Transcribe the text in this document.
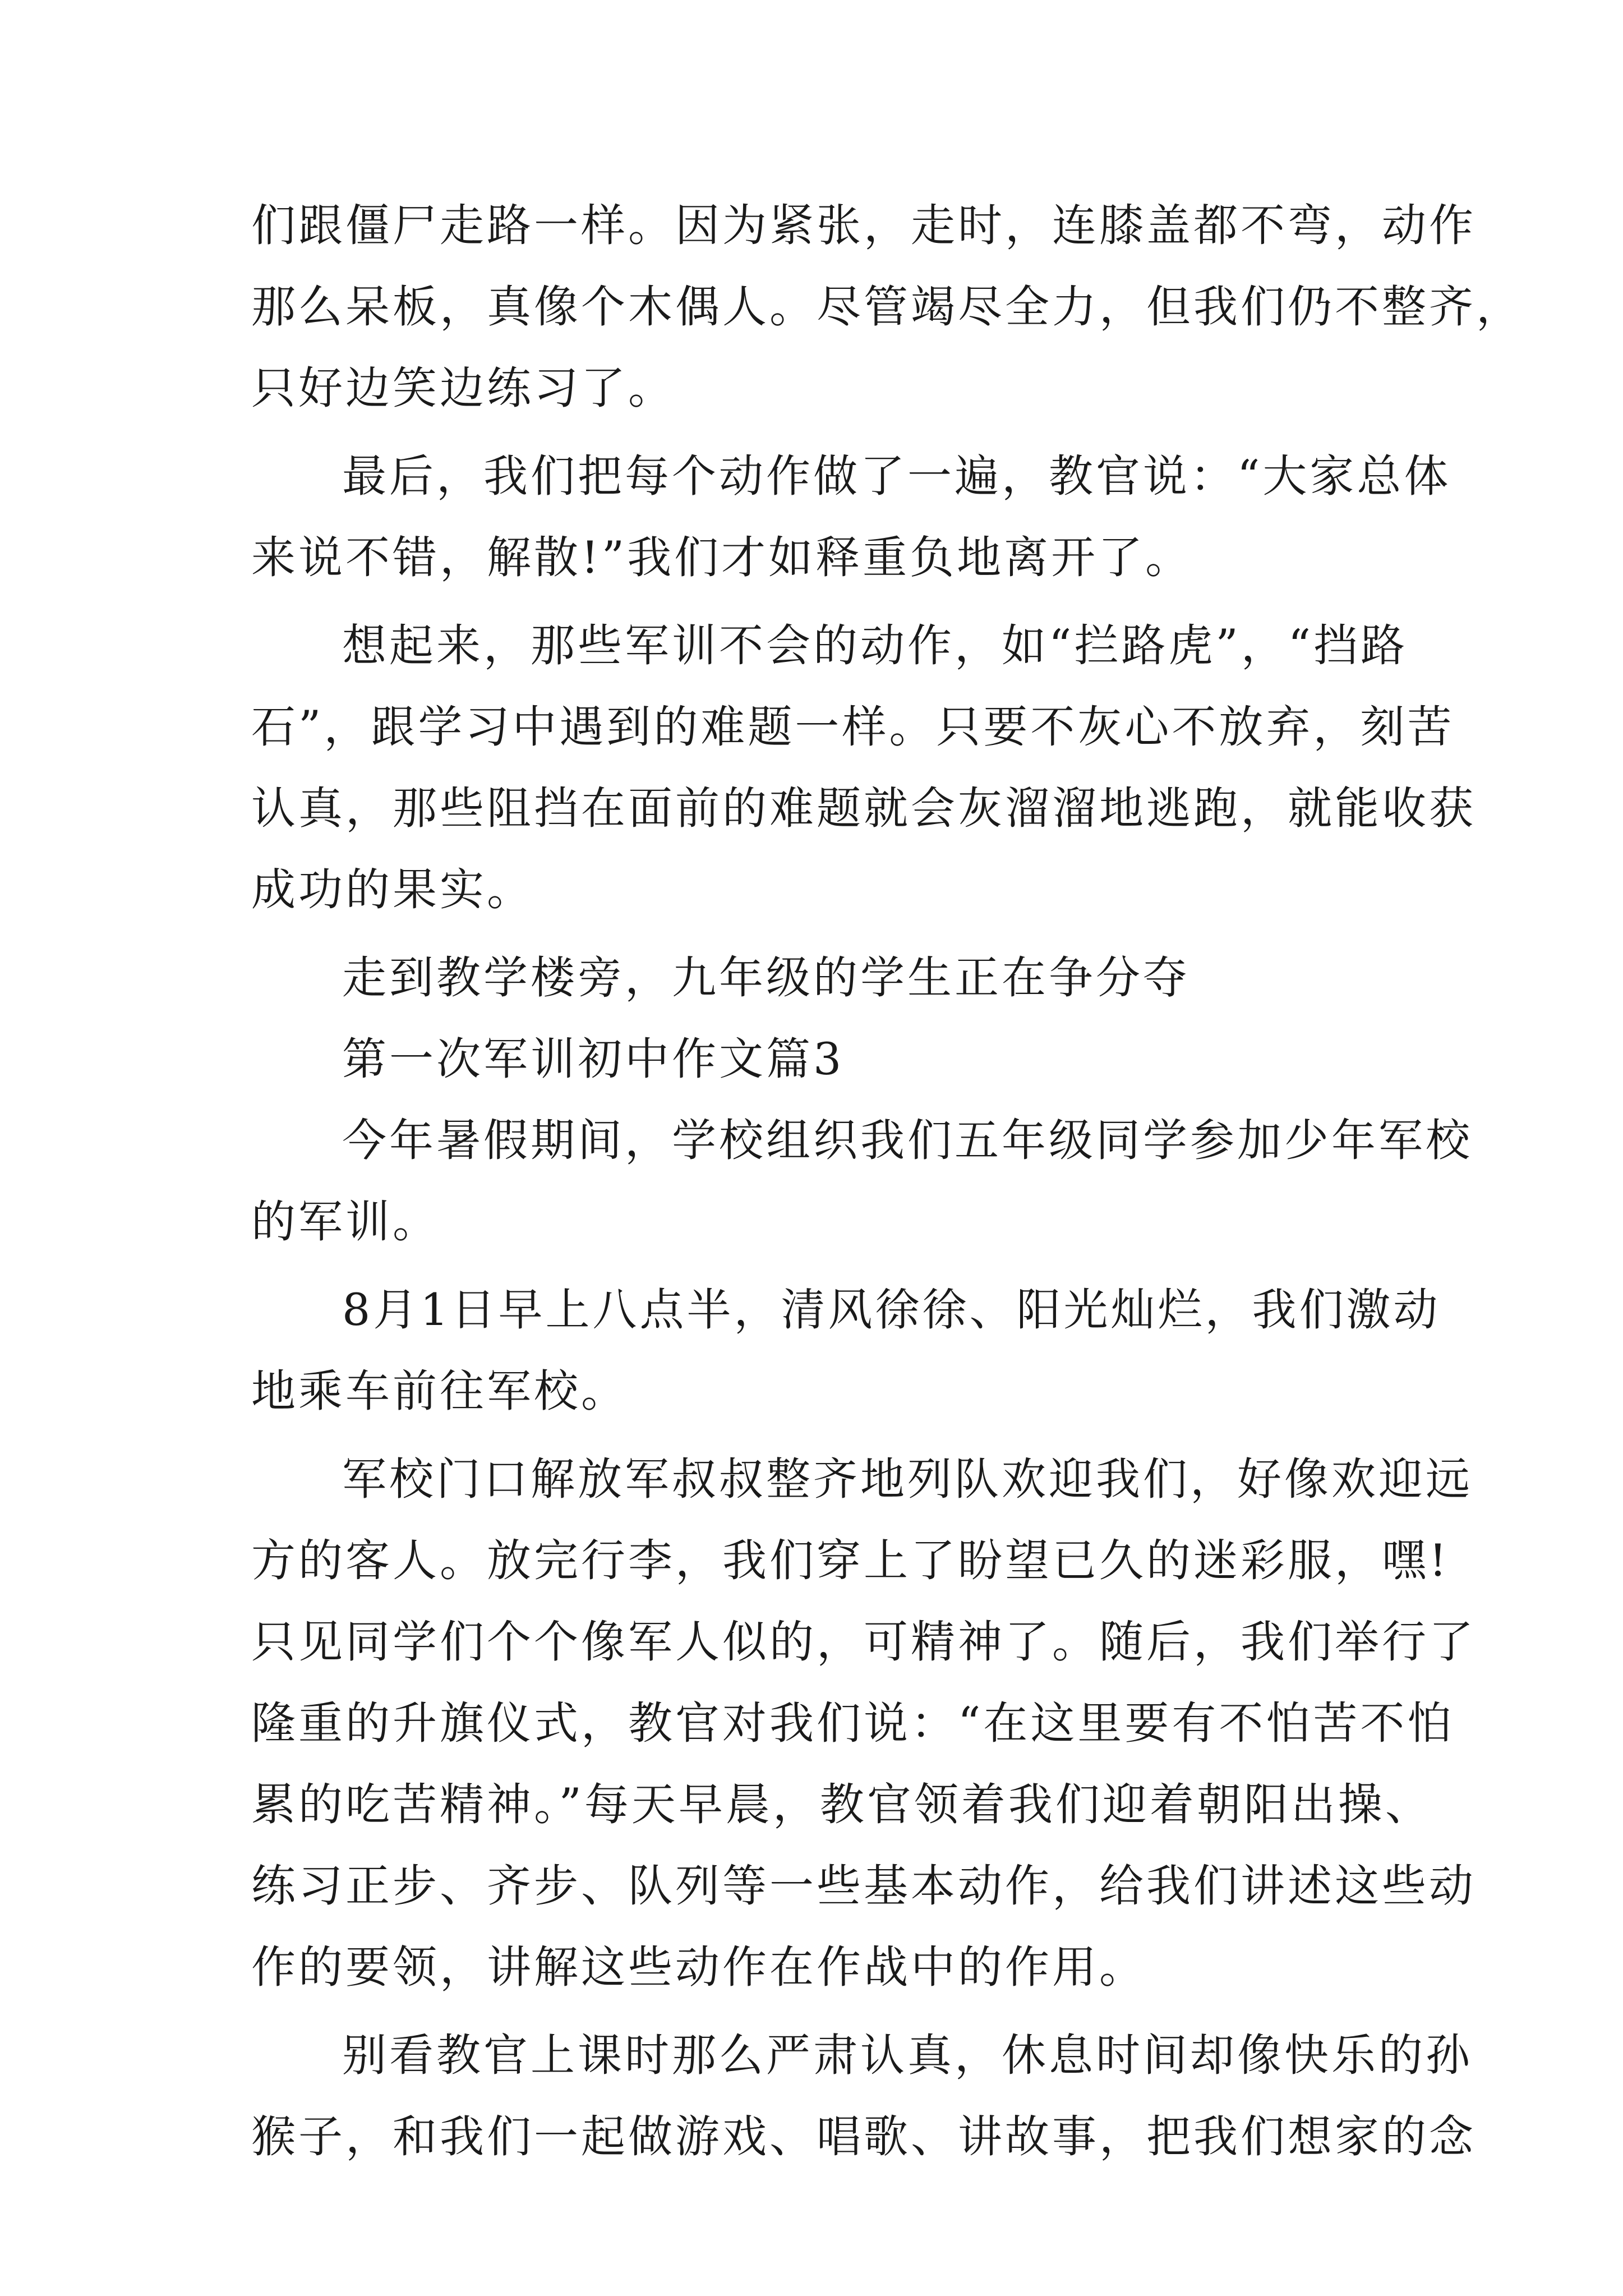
们跟僵尸走路一样。因为紧张，走时，连膝盖都不弯，动作
那么呆板，真像个木偶人。尽管竭尽全力，但我们仍不整齐，
只好边笑边练习了。
最后，我们把每个动作做了一遍，教官说：“大家总体
来说不错，解散!”我们才如释重负地离开了。
想起来，那些军训不会的动作，如“拦路虎”，“挡路
石”，跟学习中遇到的难题一样。只要不灰心不放弃，刻苦
认真，那些阻挡在面前的难题就会灰溜溜地逃跑，就能收获
成功的果实。
走到教学楼旁，九年级的学生正在争分夺
第一次军训初中作文篇3
今年暑假期间，学校组织我们五年级同学参加少年军校
的军训。
8月1日早上八点半，清风徐徐、阳光灿烂，我们激动
地乘车前往军校。
军校门口解放军叔叔整齐地列队欢迎我们，好像欢迎远
方的客人。放完行李，我们穿上了盼望已久的迷彩服，嘿!
只见同学们个个像军人似的，可精神了。随后，我们举行了
隆重的升旗仪式，教官对我们说：“在这里要有不怕苦不怕
累的吃苦精神。”每天早晨，教官领着我们迎着朝阳出操、
练习正步、齐步、队列等一些基本动作，给我们讲述这些动
作的要领，讲解这些动作在作战中的作用。
别看教官上课时那么严肃认真，休息时间却像快乐的孙
猴子，和我们一起做游戏、唱歌、讲故事，把我们想家的念
